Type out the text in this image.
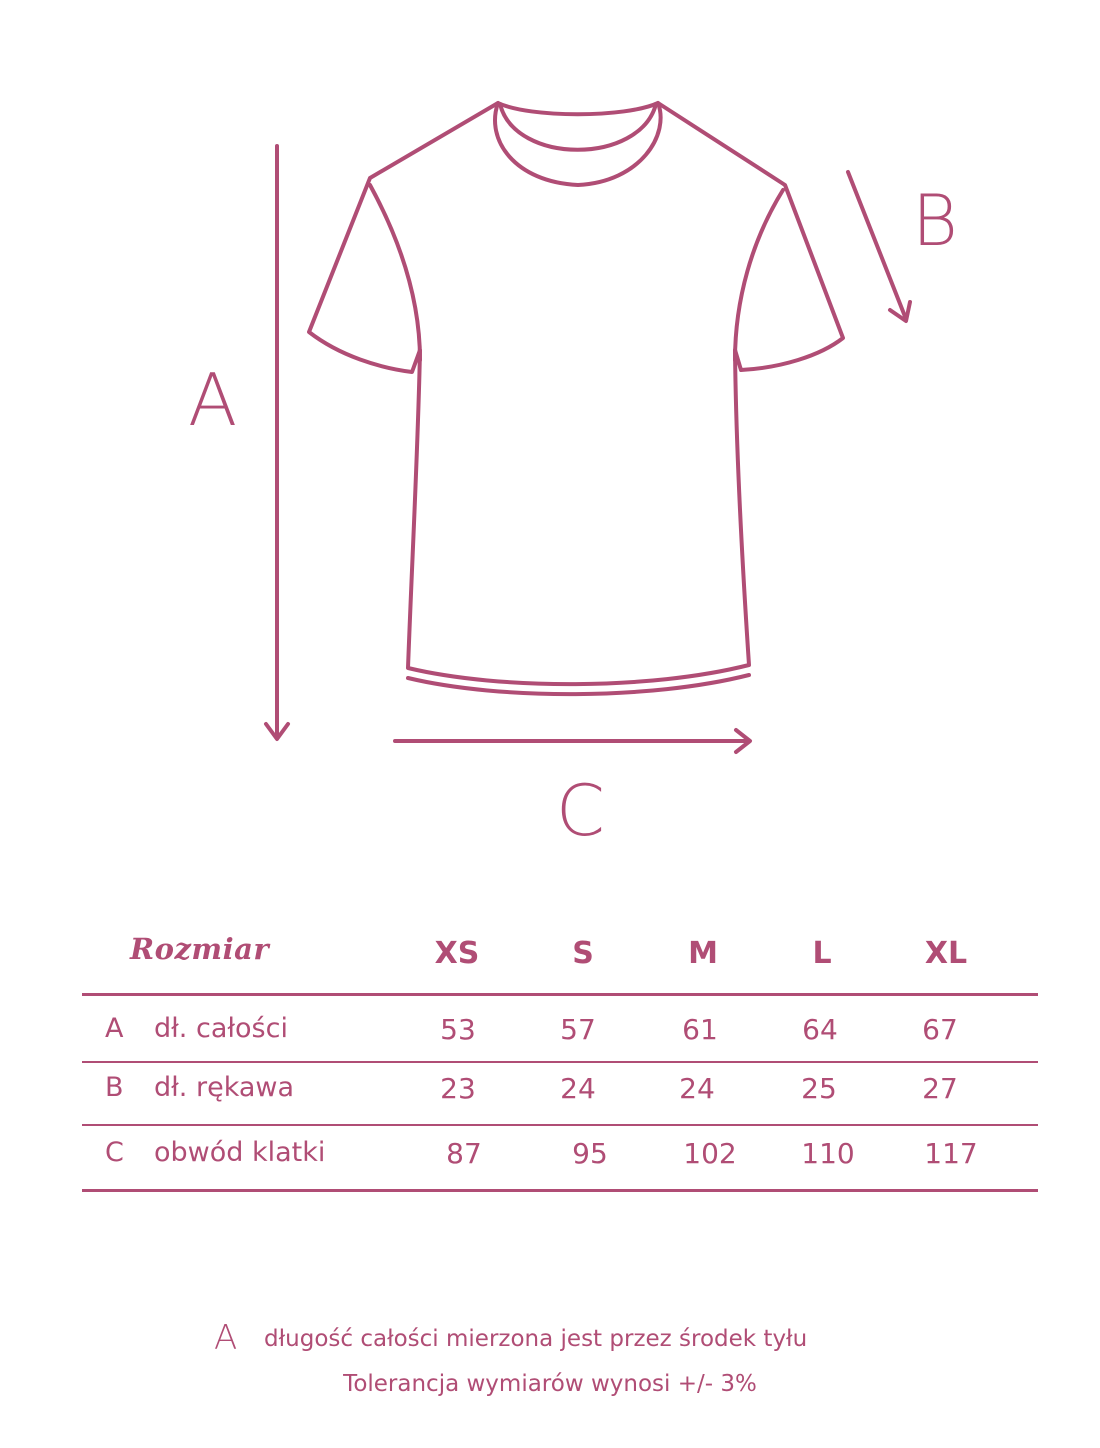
A
B
C
Rozmiar	XS	S	M	L	XL
A	dł. całości	53	57	61	64	67
B	dł. rękawa	23	24	24	25	27
C	obwód klatki	87	95	102	110	117
A długość całości mierzona jest przez środek tyłu
Tolerancja wymiarów wynosi +/- 3%
